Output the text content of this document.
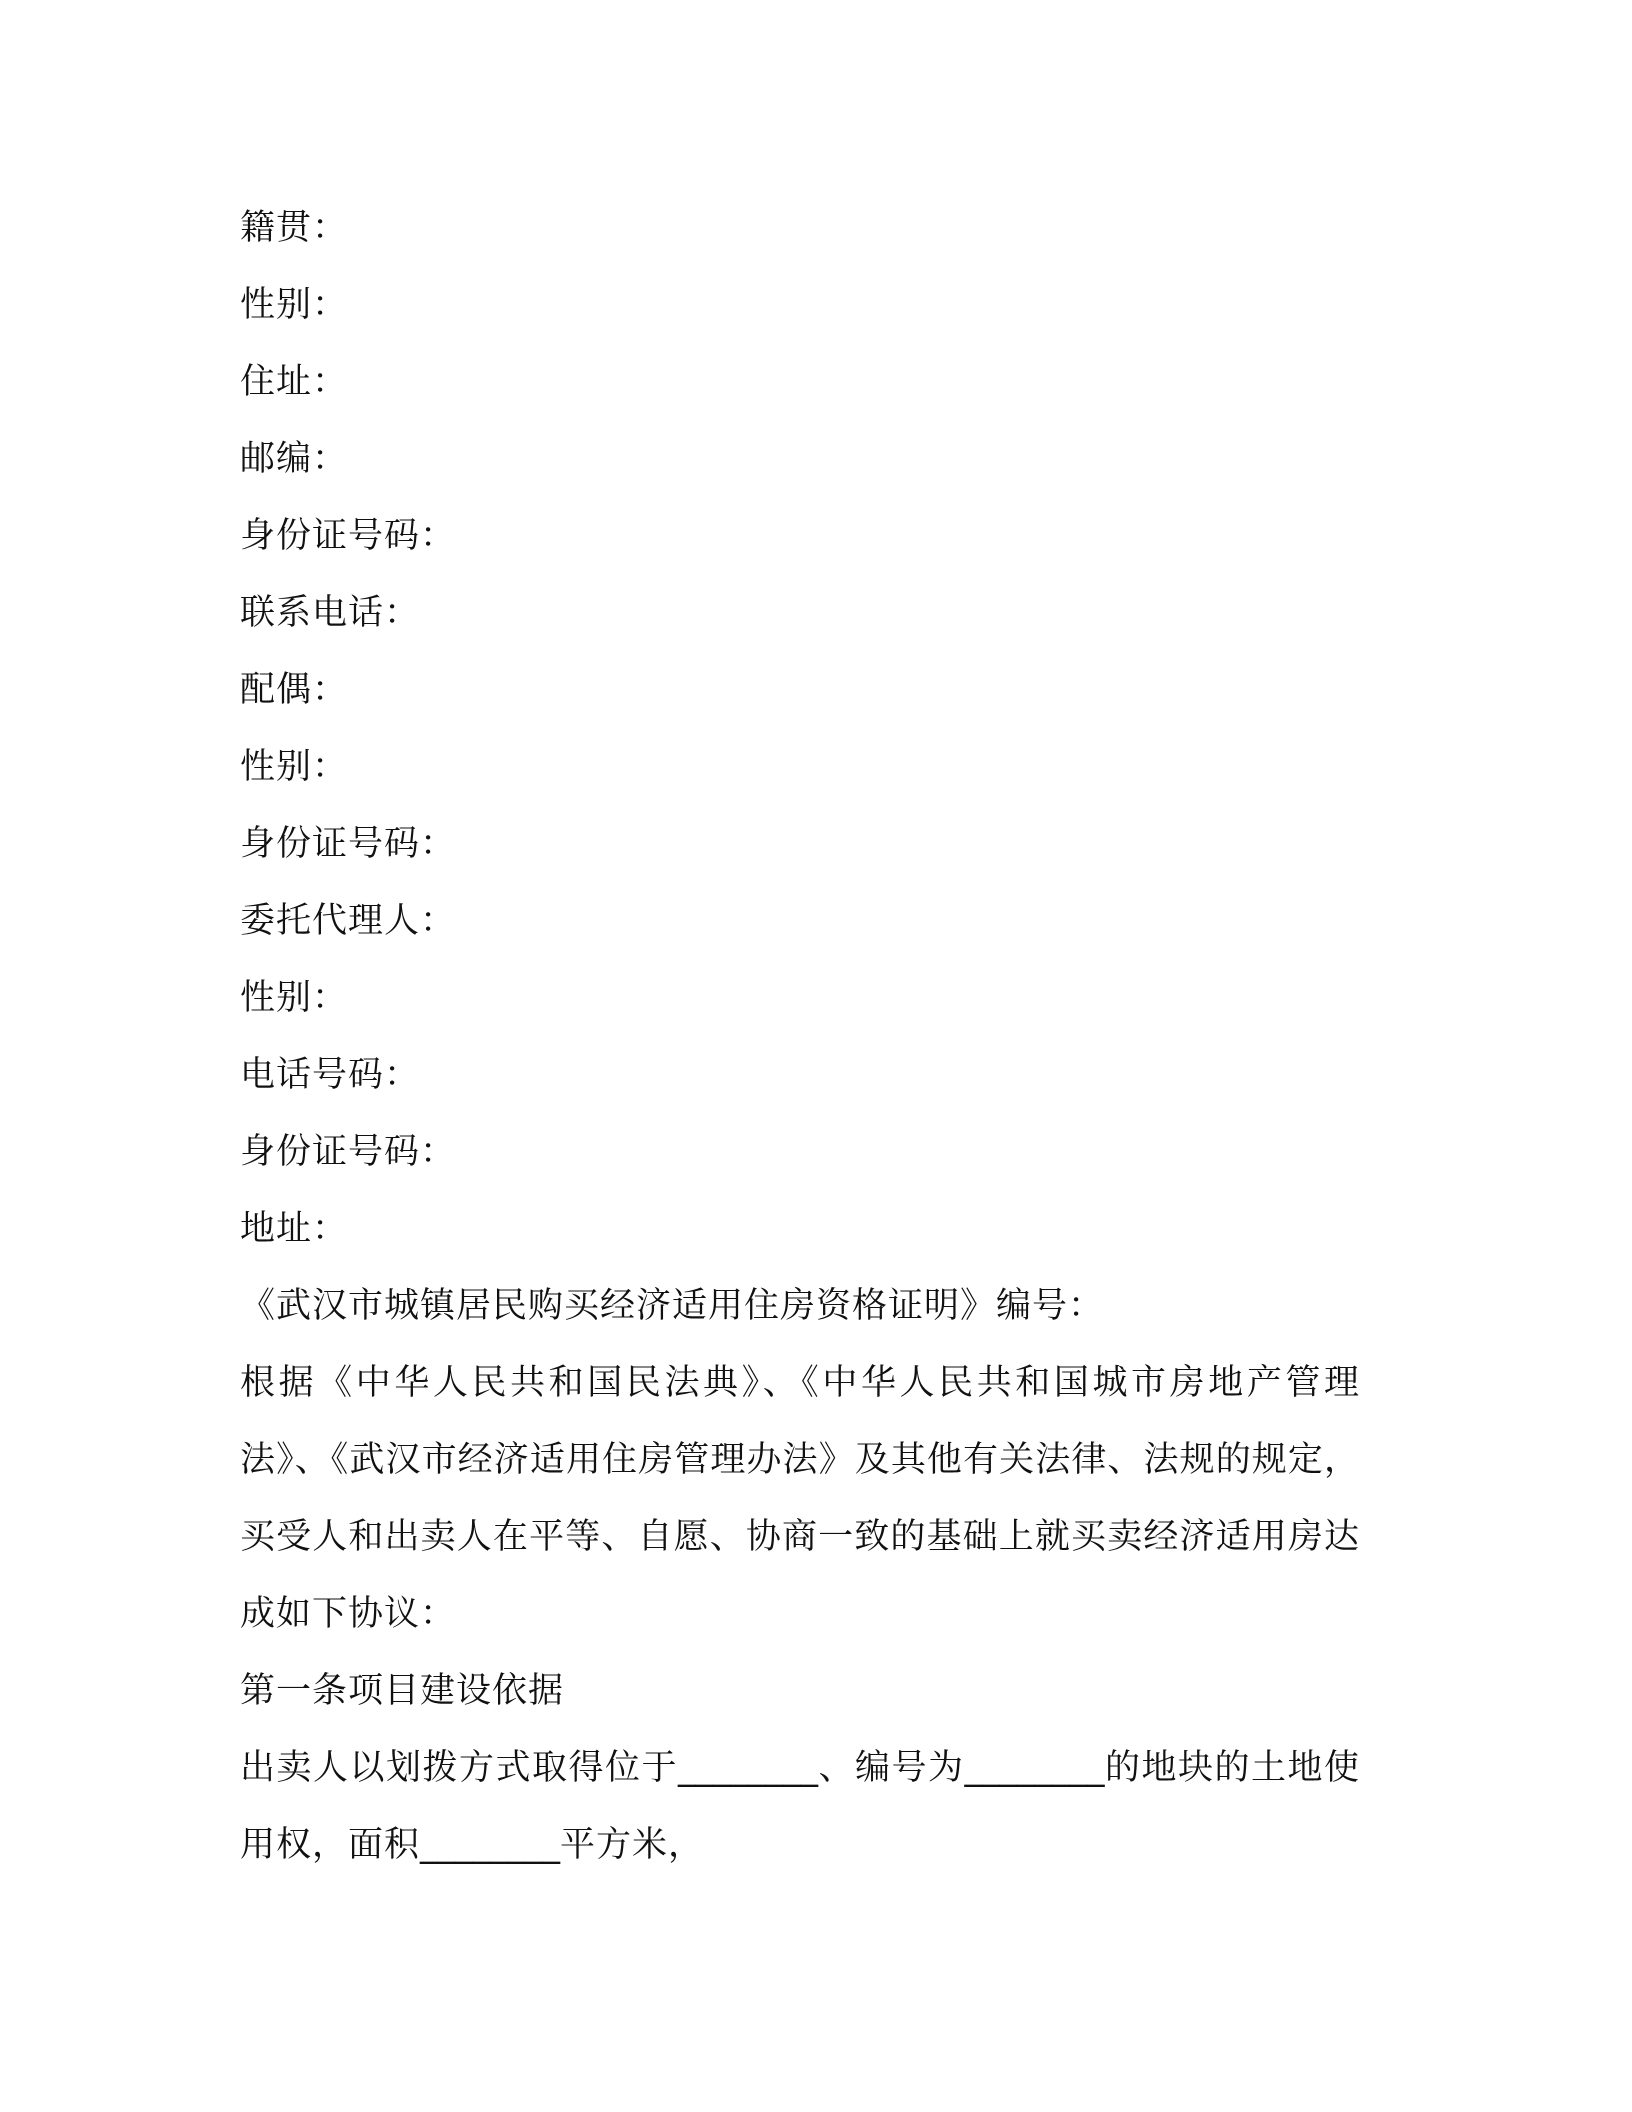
籍贯：
性别：
住址：
邮编：
身份证号码：
联系电话：
配偶：
性别：
身份证号码：
委托代理人：
性别：
电话号码：
身份证号码：
地址：
《武汉市城镇居民购买经济适用住房资格证明》编号：

根据《中华人民共和国民法典》、《中华人民共和国城市房地产管理法》、《武汉市经济适用住房管理办法》及其他有关法律、法规的规定，买受人和出卖人在平等、自愿、协商一致的基础上就买卖经济适用房达成如下协议：

第一条项目建设依据

出卖人以划拨方式取得位于________、编号为________的地块的土地使用权，面积________平方米，
